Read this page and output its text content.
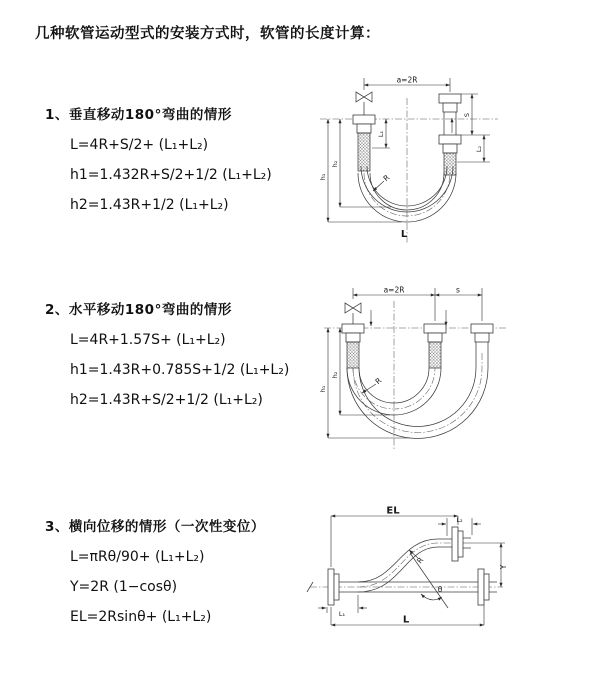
几种软管运动型式的安装方式时，软管的长度计算：
1、垂直移动180°弯曲的情形
L=4R+S/2+ (L₁+L₂)
h1=1.432R+S/2+1/2 (L₁+L₂)
h2=1.43R+1/2 (L₁+L₂)
2、水平移动180°弯曲的情形
L=4R+1.57S+ (L₁+L₂)
h1=1.43R+0.785S+1/2 (L₁+L₂)
h2=1.43R+S/2+1/2 (L₁+L₂)
3、横向位移的情形（一次性变位）
L=πRθ/90+ (L₁+L₂)
Y=2R (1−cosθ)
EL=2Rsinθ+ (L₁+L₂)
a=2R
h₁
h₂
L₁
S
L₂
R
L
a=2R	s
h₁
h₂
R
EL
L₂
Y
L₁
L
R
θ
